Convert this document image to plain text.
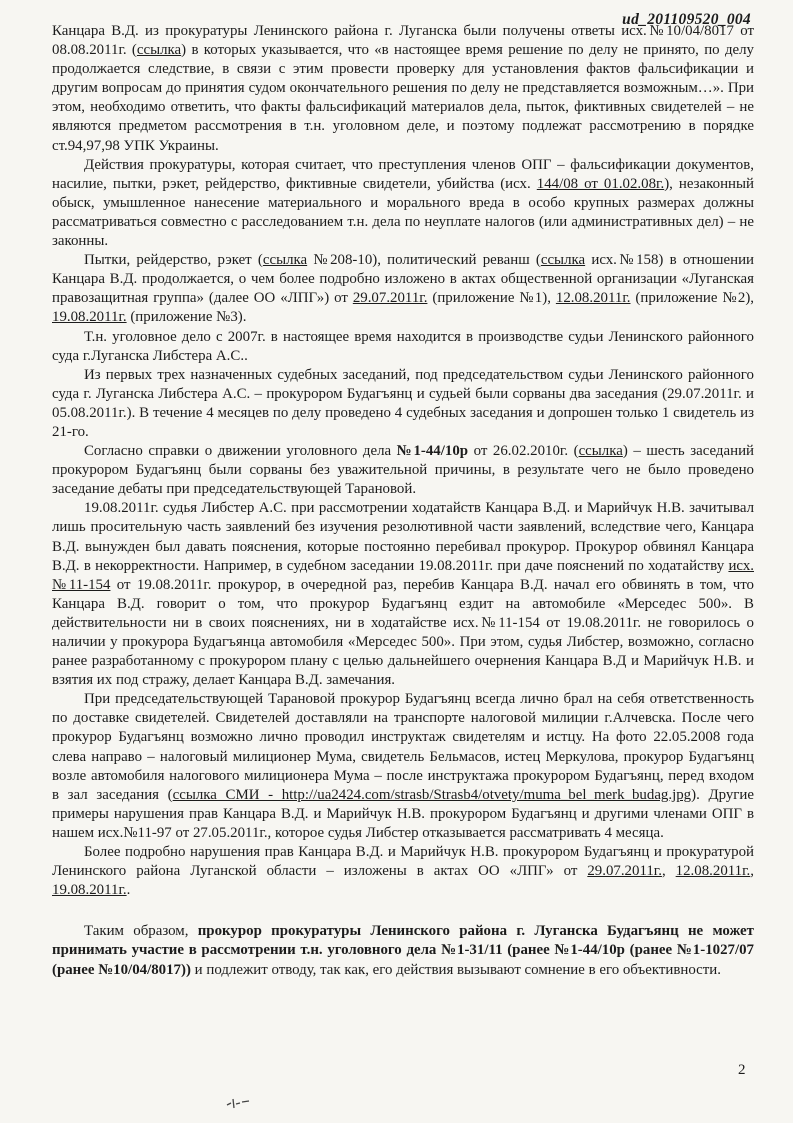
ud_201109520_004

Канцара В.Д. из прокуратуры Ленинского района г. Луганска были получены ответы исх.№10/04/8017 от 08.08.2011г. (ссылка) в которых указывается, что «в настоящее время решение по делу не принято, по делу продолжается следствие, в связи с этим провести проверку для установления фактов фальсификации и другим вопросам до принятия судом окончательного решения по делу не представляется возможным…». При этом, необходимо ответить, что факты фальсификаций материалов дела, пыток, фиктивных свидетелей – не являются предметом рассмотрения в т.н. уголовном деле, и поэтому подлежат рассмотрению в порядке ст.94,97,98 УПК Украины.

Действия прокуратуры, которая считает, что преступления членов ОПГ – фальсификации документов, насилие, пытки, рэкет, рейдерство, фиктивные свидетели, убийства (исх. 144/08 от 01.02.08г.), незаконный обыск, умышленное нанесение материального и морального вреда в особо крупных размерах должны рассматриваться совместно с расследованием т.н. дела по неуплате налогов (или административных дел) – не законны.

Пытки, рейдерство, рэкет (ссылка №208-10), политический реванш (ссылка исх.№158) в отношении Канцара В.Д. продолжается, о чем более подробно изложено в актах общественной организации «Луганская правозащитная группа» (далее ОО «ЛПГ») от 29.07.2011г. (приложение №1), 12.08.2011г. (приложение №2), 19.08.2011г. (приложение №3).

Т.н. уголовное дело с 2007г. в настоящее время находится в производстве судьи Ленинского районного суда г.Луганска Либстера А.С..

Из первых трех назначенных судебных заседаний, под председательством судьи Ленинского районного суда г. Луганска Либстера А.С. – прокурором Будагъянц и судьей были сорваны два заседания (29.07.2011г. и 05.08.2011г.). В течение 4 месяцев по делу проведено 4 судебных заседания и допрошен только 1 свидетель из 21-го.

Согласно справки о движении уголовного дела №1-44/10р от 26.02.2010г. (ссылка) – шесть заседаний прокурором Будагъянц были сорваны без уважительной причины, в результате чего не было проведено заседание дебаты при председательствующей Тарановой.

19.08.2011г. судья Либстер А.С. при рассмотрении ходатайств Канцара В.Д. и Марийчук Н.В. зачитывал лишь просительную часть заявлений без изучения резолютивной части заявлений, вследствие чего, Канцара В.Д. вынужден был давать пояснения, которые постоянно перебивал прокурор. Прокурор обвинял Канцара В.Д. в некорректности. Например, в судебном заседании 19.08.2011г. при даче пояснений по ходатайству исх.№11-154 от 19.08.2011г. прокурор, в очередной раз, перебив Канцара В.Д. начал его обвинять в том, что Канцара В.Д. говорит о том, что прокурор Будагъянц ездит на автомобиле «Мерседес 500». В действительности ни в своих пояснениях, ни в ходатайстве исх.№11-154 от 19.08.2011г. не говорилось о наличии у прокурора Будагъянца автомобиля «Мерседес 500». При этом, судья Либстер, возможно, согласно ранее разработанному с прокурором плану с целью дальнейшего очернения Канцара В.Д и Марийчук Н.В. и взятия их под стражу, делает Канцара В.Д. замечания.

При председательствующей Тарановой прокурор Будагъянц всегда лично брал на себя ответственность по доставке свидетелей. Свидетелей доставляли на транспорте налоговой милиции г.Алчевска. После чего прокурор Будагъянц возможно лично проводил инструктаж свидетелям и истцу. На фото 22.05.2008 года слева направо – налоговый милиционер Мума, свидетель Бельмасов, истец Меркулова, прокурор Будагъянц возле автомобиля налогового милиционера Мума – после инструктажа прокурором Будагъянц, перед входом в зал заседания (ссылка СМИ - http://ua2424.com/strasb/Strasb4/otvety/muma_bel_merk_budag.jpg). Другие примеры нарушения прав Канцара В.Д. и Марийчук Н.В. прокурором Будагъянц и другими членами ОПГ в нашем исх.№11-97 от 27.05.2011г., которое судья Либстер отказывается рассматривать 4 месяца.

Более подробно нарушения прав Канцара В.Д. и Марийчук Н.В. прокурором Будагъянц и прокуратурой Ленинского района Луганской области – изложены в актах ОО «ЛПГ» от 29.07.2011г., 12.08.2011г., 19.08.2011г..

Таким образом, прокурор прокуратуры Ленинского района г. Луганска Будагъянц не может принимать участие в рассмотрении т.н. уголовного дела №1-31/11 (ранее №1-44/10р (ранее №1-1027/07 (ранее №10/04/8017)) и подлежит отводу, так как, его действия вызывают сомнение в его объективности.

2
